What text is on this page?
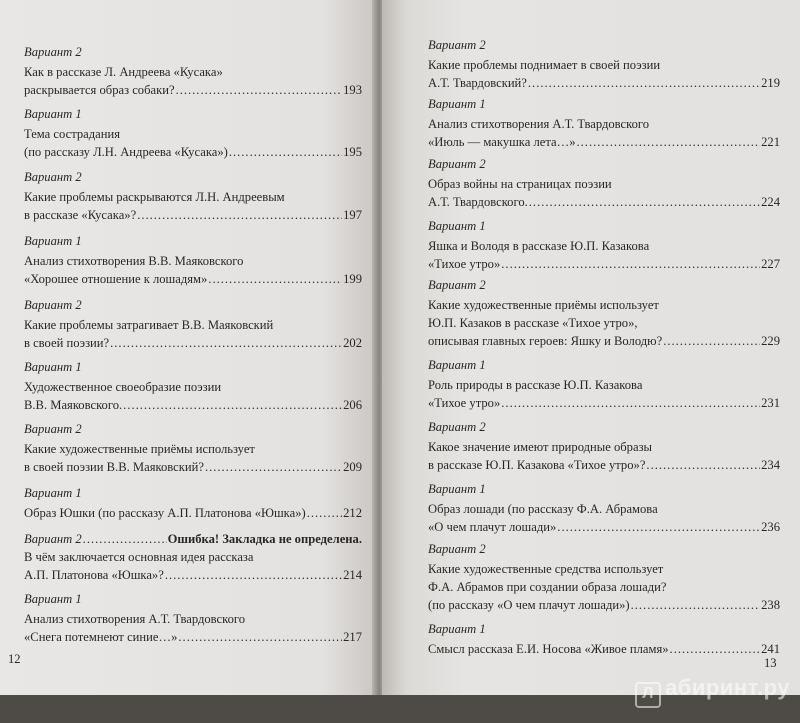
Вариант 2
Как в рассказе Л. Андреева «Кусака»
раскрывается образ собаки? .....	193
Вариант 1
Тема сострадания
(по рассказу Л.Н. Андреева «Кусака») .....	195
Вариант 2
Какие проблемы раскрываются Л.Н. Андреевым
в рассказе «Кусака»? .....	197
Вариант 1
Анализ стихотворения В.В. Маяковского
«Хорошее отношение к лошадям» .....	199
Вариант 2
Какие проблемы затрагивает В.В. Маяковский
в своей поэзии? .....	202
Вариант 1
Художественное своеобразие поэзии
В.В. Маяковского. .....	206
Вариант 2
Какие художественные приёмы использует
в своей поэзии В.В. Маяковский? .....	209
Вариант 1
Образ Юшки (по рассказу А.П. Платонова «Юшка») .....	212
Вариант 2 .....	Ошибка! Закладка не определена.
В чём заключается основная идея рассказа
А.П. Платонова «Юшка»? .....	214
Вариант 1
Анализ стихотворения А.Т. Твардовского
«Снега потемнеют синие…» .....	217
12
Вариант 2
Какие проблемы поднимает в своей поэзии
А.Т. Твардовский? .....	219
Вариант 1
Анализ стихотворения А.Т. Твардовского
«Июль — макушка лета…» .....	221
Вариант 2
Образ войны на страницах поэзии
А.Т. Твардовского. .....	224
Вариант 1
Яшка и Володя в рассказе Ю.П. Казакова
«Тихое утро» .....	227
Вариант 2
Какие художественные приёмы использует
Ю.П. Казаков в рассказе «Тихое утро»,
описывая главных героев: Яшку и Володю? .....	229
Вариант 1
Роль природы в рассказе Ю.П. Казакова
«Тихое утро» .....	231
Вариант 2
Какое значение имеют природные образы
в рассказе Ю.П. Казакова «Тихое утро»? .....	234
Вариант 1
Образ лошади (по рассказу Ф.А. Абрамова
«О чем плачут лошади» .....	236
Вариант 2
Какие художественные средства использует
Ф.А. Абрамов при создании образа лошади?
(по рассказу «О чем плачут лошади») .....	238
Вариант 1
Смысл рассказа Е.И. Носова «Живое пламя» .....	241
13
Л абиринт.ру
